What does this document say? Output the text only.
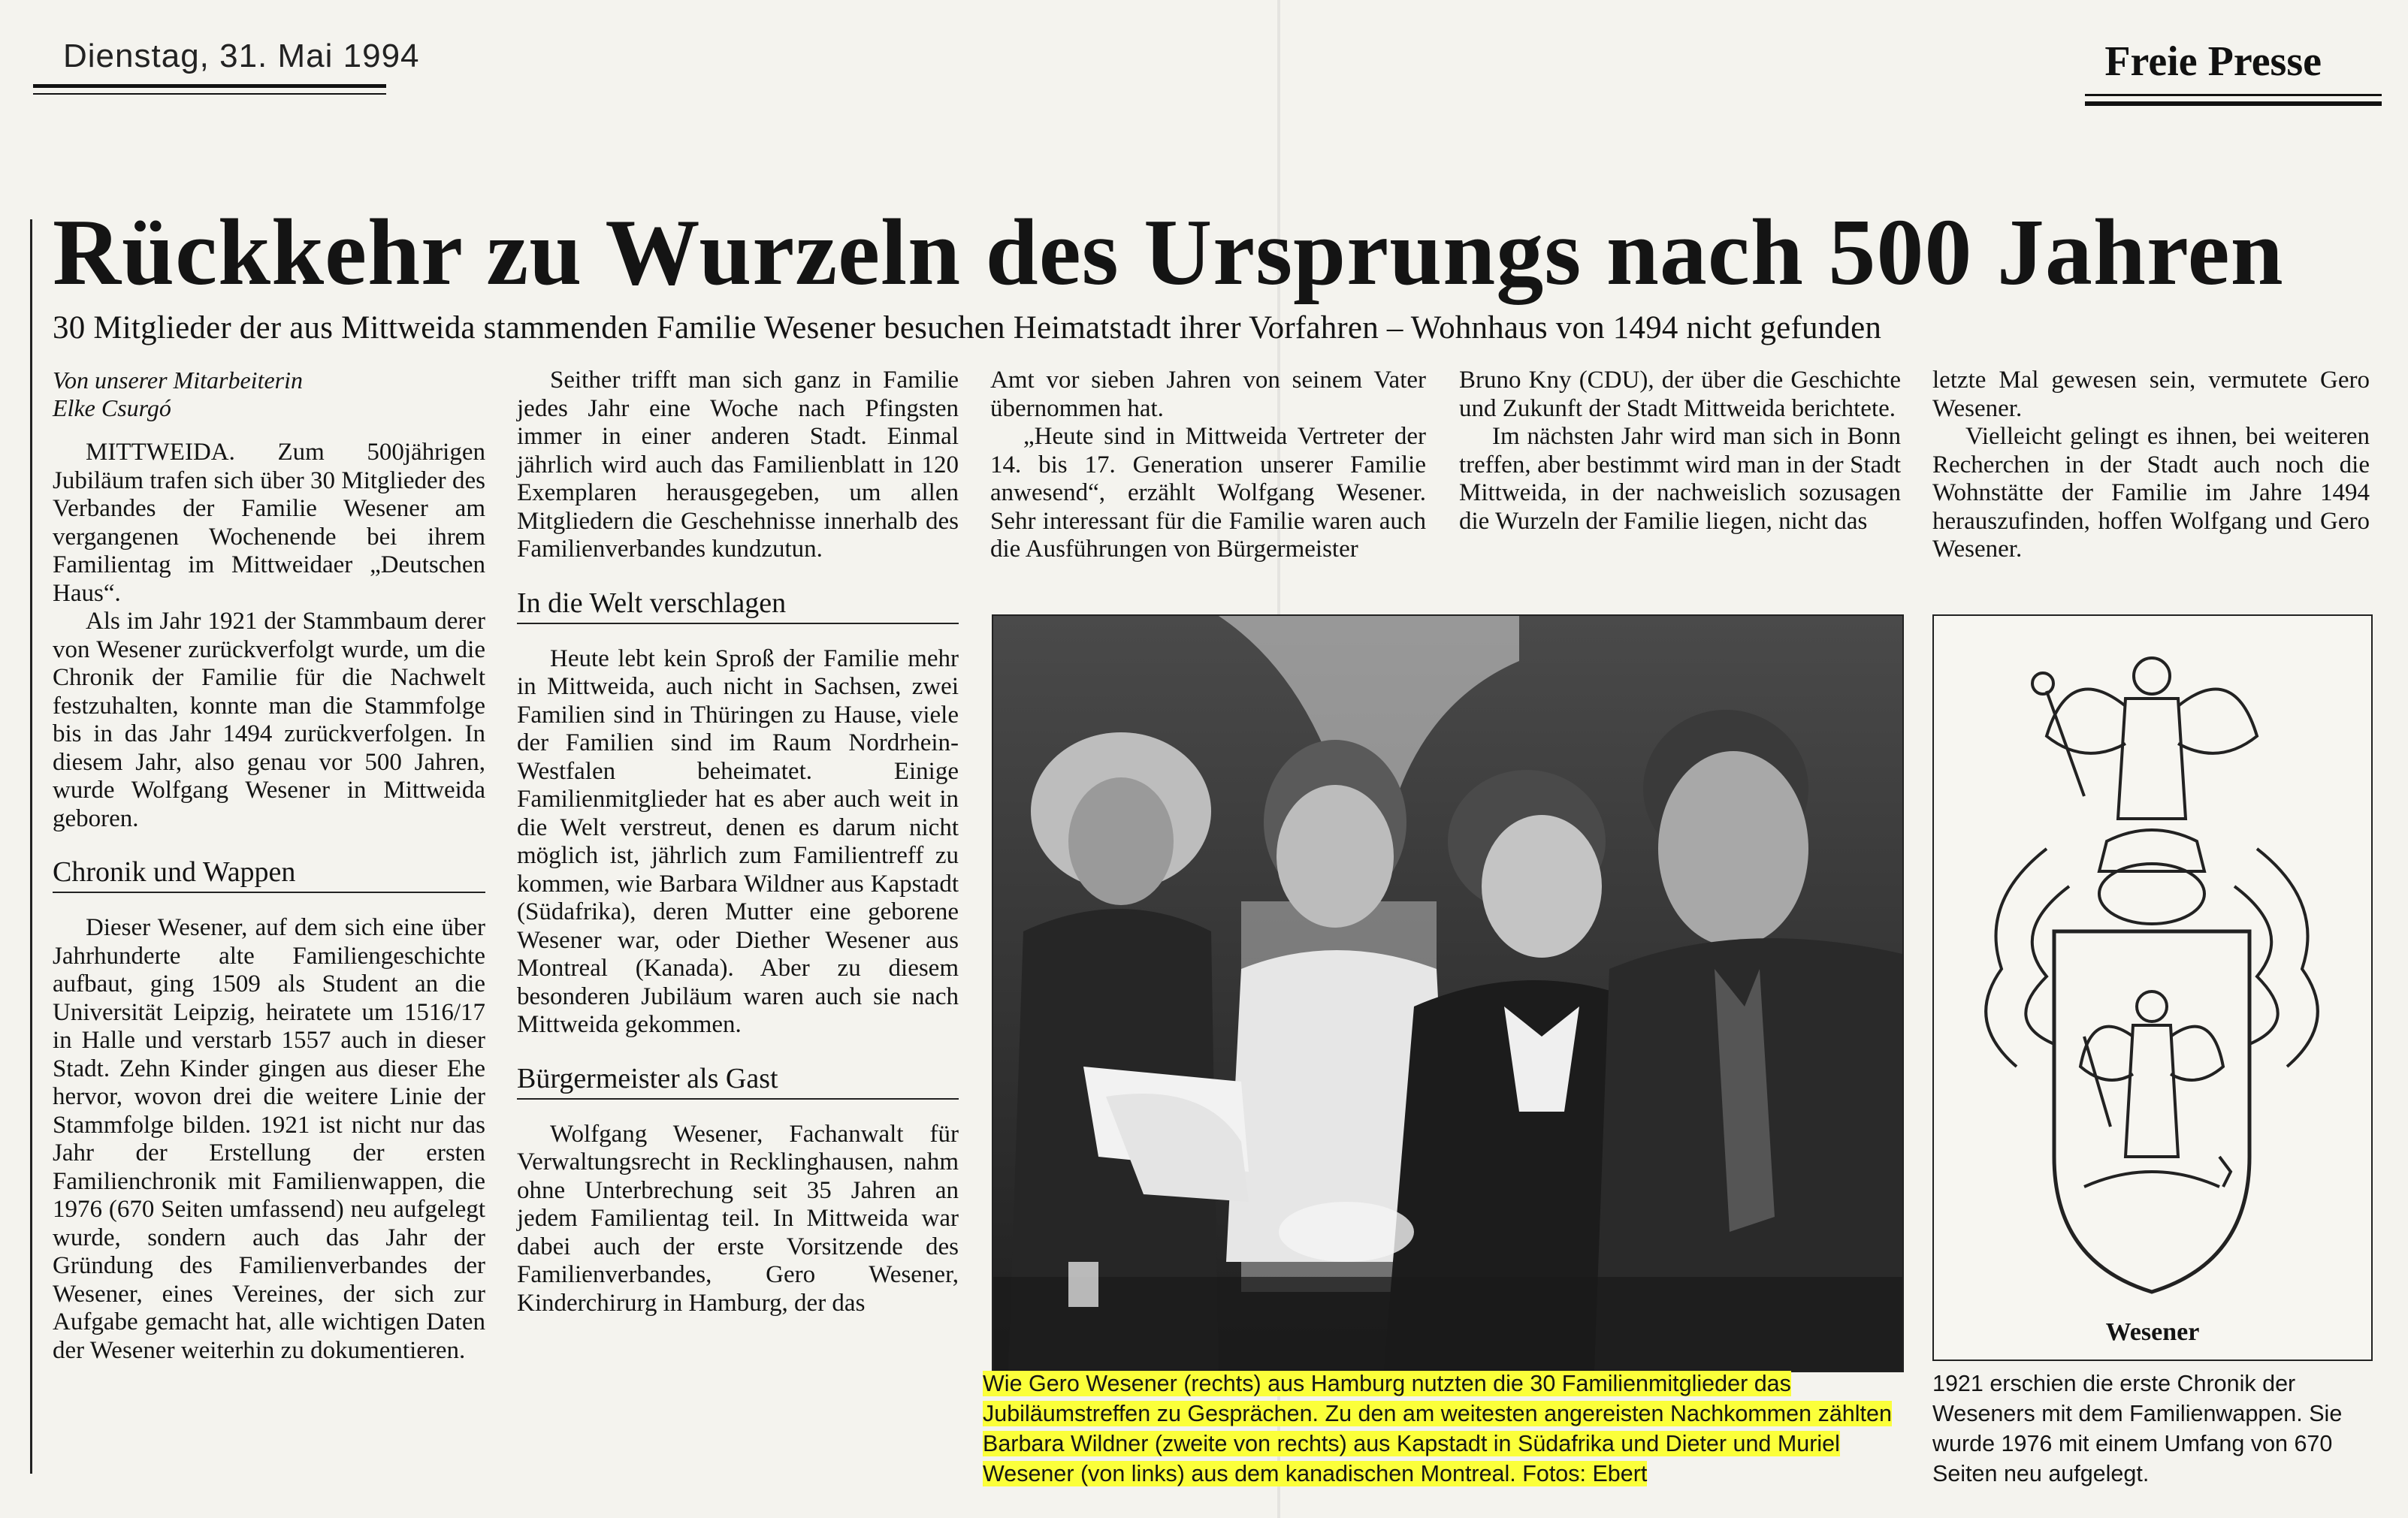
Dienstag, 31. Mai 1994	Freie Presse
Rückkehr zu Wurzeln des Ursprungs nach 500 Jahren
30 Mitglieder der aus Mittweida stammenden Familie Wesener besuchen Heimatstadt ihrer Vorfahren – Wohnhaus von 1494 nicht gefunden
Von unserer Mitarbeiterin
Elke Csurgó

MITTWEIDA. Zum 500jährigen Jubiläum trafen sich über 30 Mitglieder des Verbandes der Familie Wesener am vergangenen Wochenende bei ihrem Familientag im Mittweidaer „Deutschen Haus“.

Als im Jahr 1921 der Stammbaum derer von Wesener zurückverfolgt wurde, um die Chronik der Familie für die Nachwelt festzuhalten, konnte man die Stammfolge bis in das Jahr 1494 zurückverfolgen. In diesem Jahr, also genau vor 500 Jahren, wurde Wolfgang Wesener in Mittweida geboren.

Chronik und Wappen

Dieser Wesener, auf dem sich eine über Jahrhunderte alte Familiengeschichte aufbaut, ging 1509 als Student an die Universität Leipzig, heiratete um 1516/17 in Halle und verstarb 1557 auch in dieser Stadt. Zehn Kinder gingen aus dieser Ehe hervor, wovon drei die weitere Linie der Stammfolge bilden. 1921 ist nicht nur das Jahr der Erstellung der ersten Familienchronik mit Familienwappen, die 1976 (670 Seiten umfassend) neu aufgelegt wurde, sondern auch das Jahr der Gründung des Familienverbandes der Wesener, eines Vereines, der sich zur Aufgabe gemacht hat, alle wichtigen Daten der Wesener weiterhin zu dokumentieren.

Seither trifft man sich ganz in Familie jedes Jahr eine Woche nach Pfingsten immer in einer anderen Stadt. Einmal jährlich wird auch das Familienblatt in 120 Exemplaren herausgegeben, um allen Mitgliedern die Geschehnisse innerhalb des Familienverbandes kundzutun.

In die Welt verschlagen

Heute lebt kein Sproß der Familie mehr in Mittweida, auch nicht in Sachsen, zwei Familien sind in Thüringen zu Hause, viele der Familien sind im Raum Nordrhein-Westfalen beheimatet. Einige Familienmitglieder hat es aber auch weit in die Welt verstreut, denen es darum nicht möglich ist, jährlich zum Familientreff zu kommen, wie Barbara Wildner aus Kapstadt (Südafrika), deren Mutter eine geborene Wesener war, oder Diether Wesener aus Montreal (Kanada). Aber zu diesem besonderen Jubiläum waren auch sie nach Mittweida gekommen.

Bürgermeister als Gast

Wolfgang Wesener, Fachanwalt für Verwaltungsrecht in Recklinghausen, nahm ohne Unterbrechung seit 35 Jahren an jedem Familientag teil. In Mittweida war dabei auch der erste Vorsitzende des Familienverbandes, Gero Wesener, Kinderchirurg in Hamburg, der das

Amt vor sieben Jahren von seinem Vater übernommen hat.

„Heute sind in Mittweida Vertreter der 14. bis 17. Generation unserer Familie anwesend“, erzählt Wolfgang Wesener. Sehr interessant für die Familie waren auch die Ausführungen von Bürgermeister

Bruno Kny (CDU), der über die Geschichte und Zukunft der Stadt Mittweida berichtete.

Im nächsten Jahr wird man sich in Bonn treffen, aber bestimmt wird man in der Stadt Mittweida, in der nachweislich sozusagen die Wurzeln der Familie liegen, nicht das

letzte Mal gewesen sein, vermutete Gero Wesener.

Vielleicht gelingt es ihnen, bei weiteren Recherchen in der Stadt auch noch die Wohnstätte der Familie im Jahre 1494 herauszufinden, hoffen Wolfgang und Gero Wesener.

Wie Gero Wesener (rechts) aus Hamburg nutzten die 30 Familienmitglieder das Jubiläumstreffen zu Gesprächen. Zu den am weitesten angereisten Nachkommen zählten Barbara Wildner (zweite von rechts) aus Kapstadt in Südafrika und Dieter und Muriel Wesener (von links) aus dem kanadischen Montreal. Fotos: Ebert
Wesener
1921 erschien die erste Chronik der Weseners mit dem Familienwappen. Sie wurde 1976 mit einem Umfang von 670 Seiten neu aufgelegt.
